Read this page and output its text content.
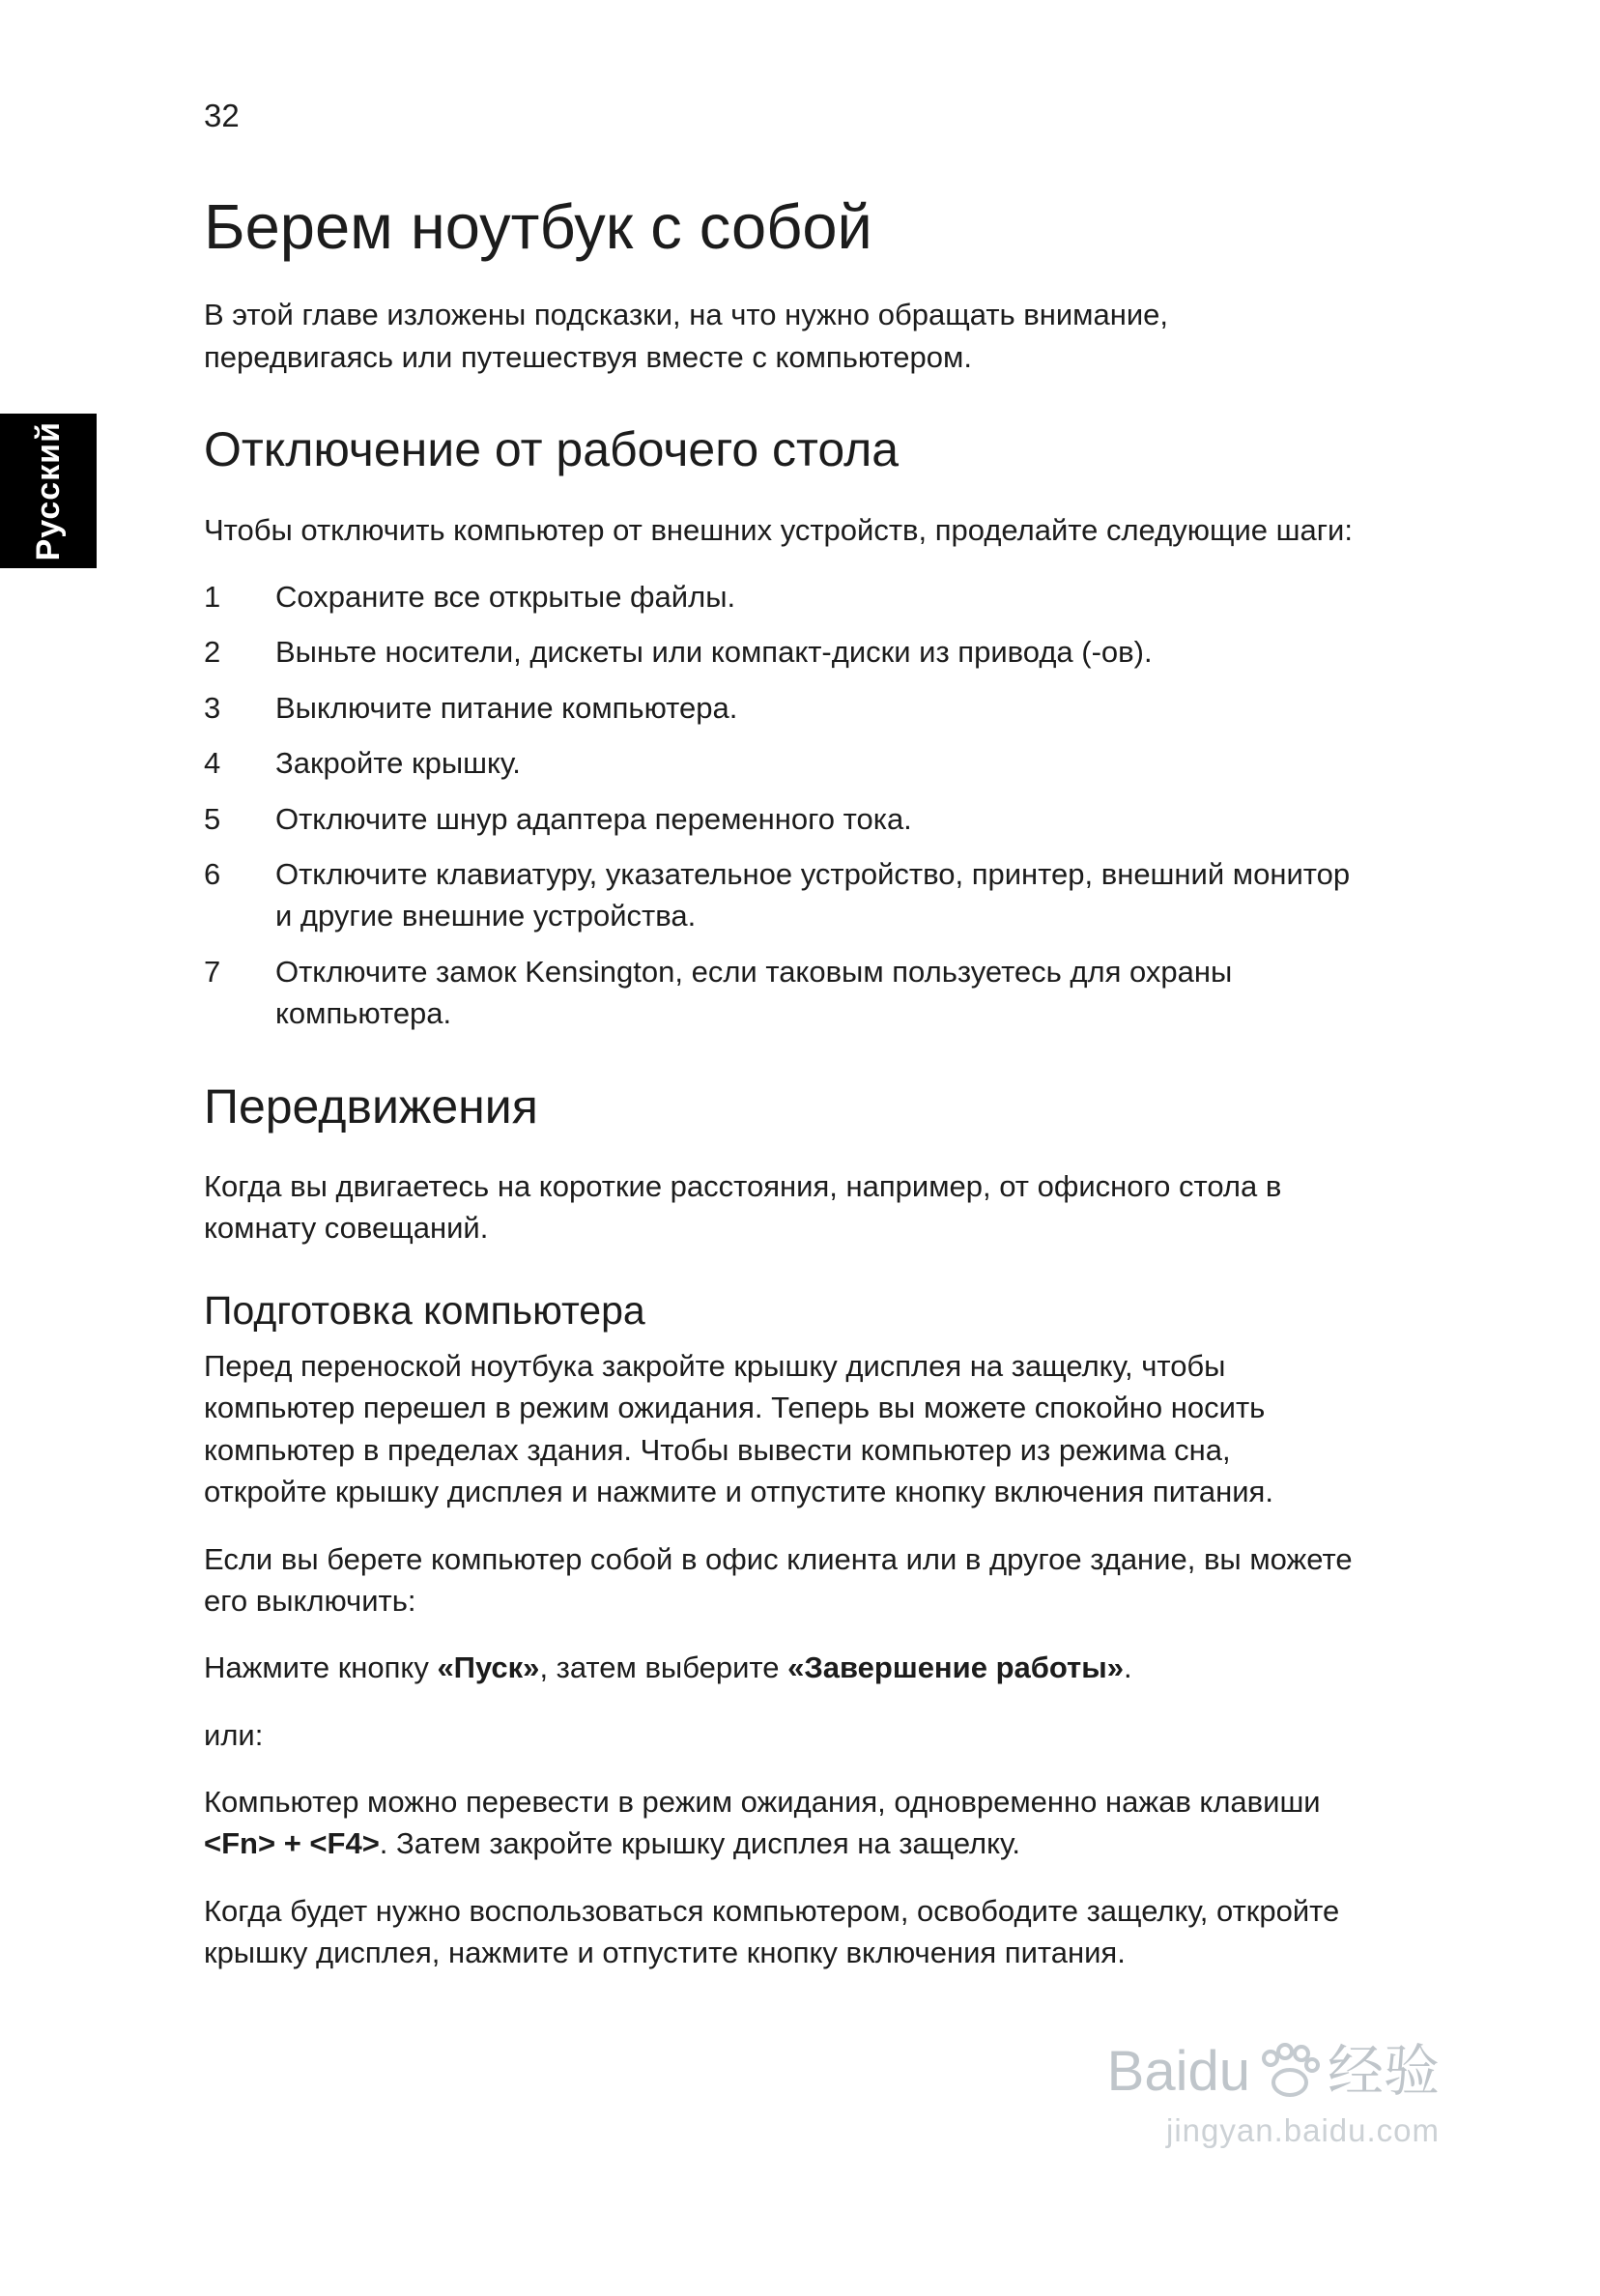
Русский
32
Берем ноутбук с собой

В этой главе изложены подсказки, на что нужно обращать внимание, передвигаясь или путешествуя вместе с компьютером.

Отключение от рабочего стола

Чтобы отключить компьютер от внешних устройств, проделайте следующие шаги:

1	Сохраните все открытые файлы.
2	Выньте носители, дискеты или компакт-диски из привода (-ов).
3	Выключите питание компьютера.
4	Закройте крышку.
5	Отключите шнур адаптера переменного тока.
6	Отключите клавиатуру, указательное устройство, принтер, внешний монитор и другие внешние устройства.
7	Отключите замок Kensington, если таковым пользуетесь для охраны компьютера.
Передвижения

Когда вы двигаетесь на короткие расстояния, например, от офисного стола в комнату совещаний.

Подготовка компьютера

Перед переноской ноутбука закройте крышку дисплея на защелку, чтобы компьютер перешел в режим ожидания. Теперь вы можете спокойно носить компьютер в пределах здания. Чтобы вывести компьютер из режима сна, откройте крышку дисплея и нажмите и отпустите кнопку включения питания.

Если вы берете компьютер собой в офис клиента или в другое здание, вы можете его выключить:

Нажмите кнопку «Пуск», затем выберите «Завершение работы».

или:

Компьютер можно перевести в режим ожидания, одновременно нажав клавиши <Fn> + <F4>. Затем закройте крышку дисплея на защелку.

Когда будет нужно воспользоваться компьютером, освободите защелку, откройте крышку дисплея, нажмите и отпустите кнопку включения питания.

Baidu 经验
jingyan.baidu.com
